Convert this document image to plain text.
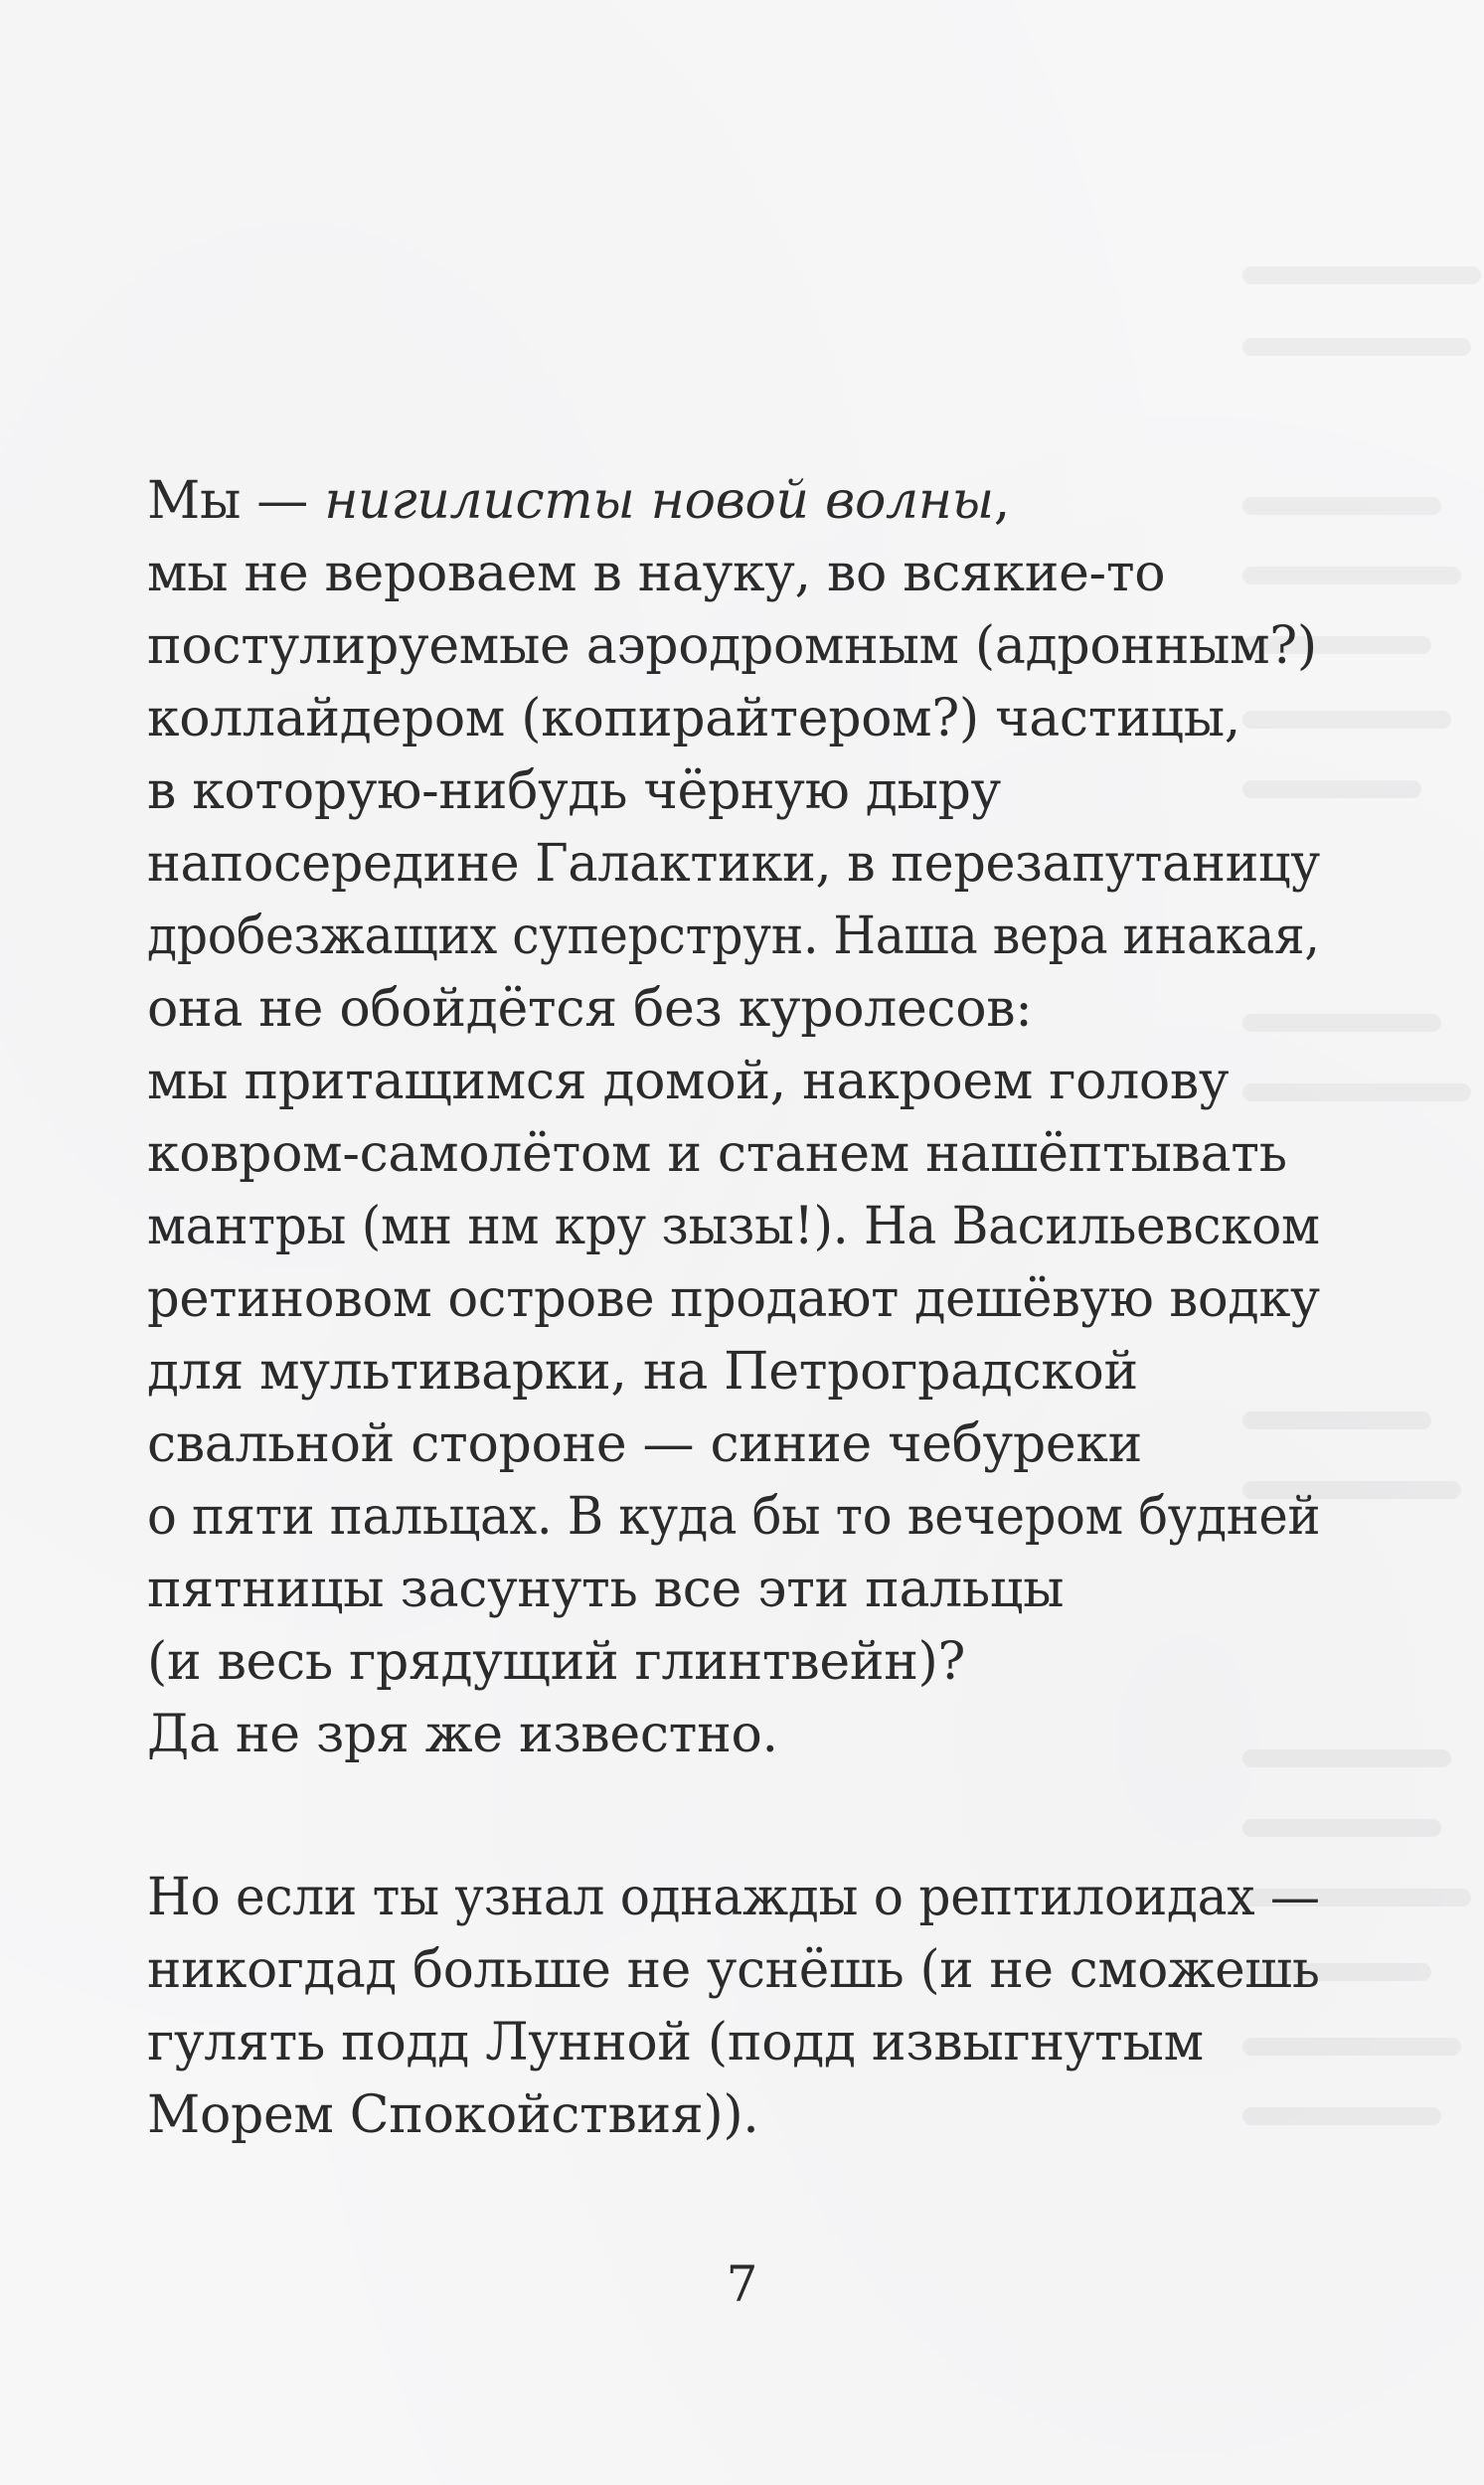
Мы — нигилисты новой волны,
мы не вероваем в науку, во всякие-то
постулируемые аэродромным (адронным?)
коллайдером (копирайтером?) частицы,
в которую-нибудь чёрную дыру
напосередине Галактики, в перезапутаницу
дробезжащих суперструн. Наша вера инакая,
она не обойдётся без куролесов:
мы притащимся домой, накроем голову
ковром-самолётом и станем нашёптывать
мантры (мн нм кру зызы!). На Васильевском
ретиновом острове продают дешёвую водку
для мультиварки, на Петроградской
свальной стороне — синие чебуреки
о пяти пальцах. В куда бы то вечером будней
пятницы засунуть все эти пальцы
(и весь грядущий глинтвейн)?
Да не зря же известно.
Но если ты узнал однажды о рептилоидах —
никогдад больше не уснёшь (и не сможешь
гулять подд Лунной (подд извыгнутым
Морем Спокойствия)).
7
